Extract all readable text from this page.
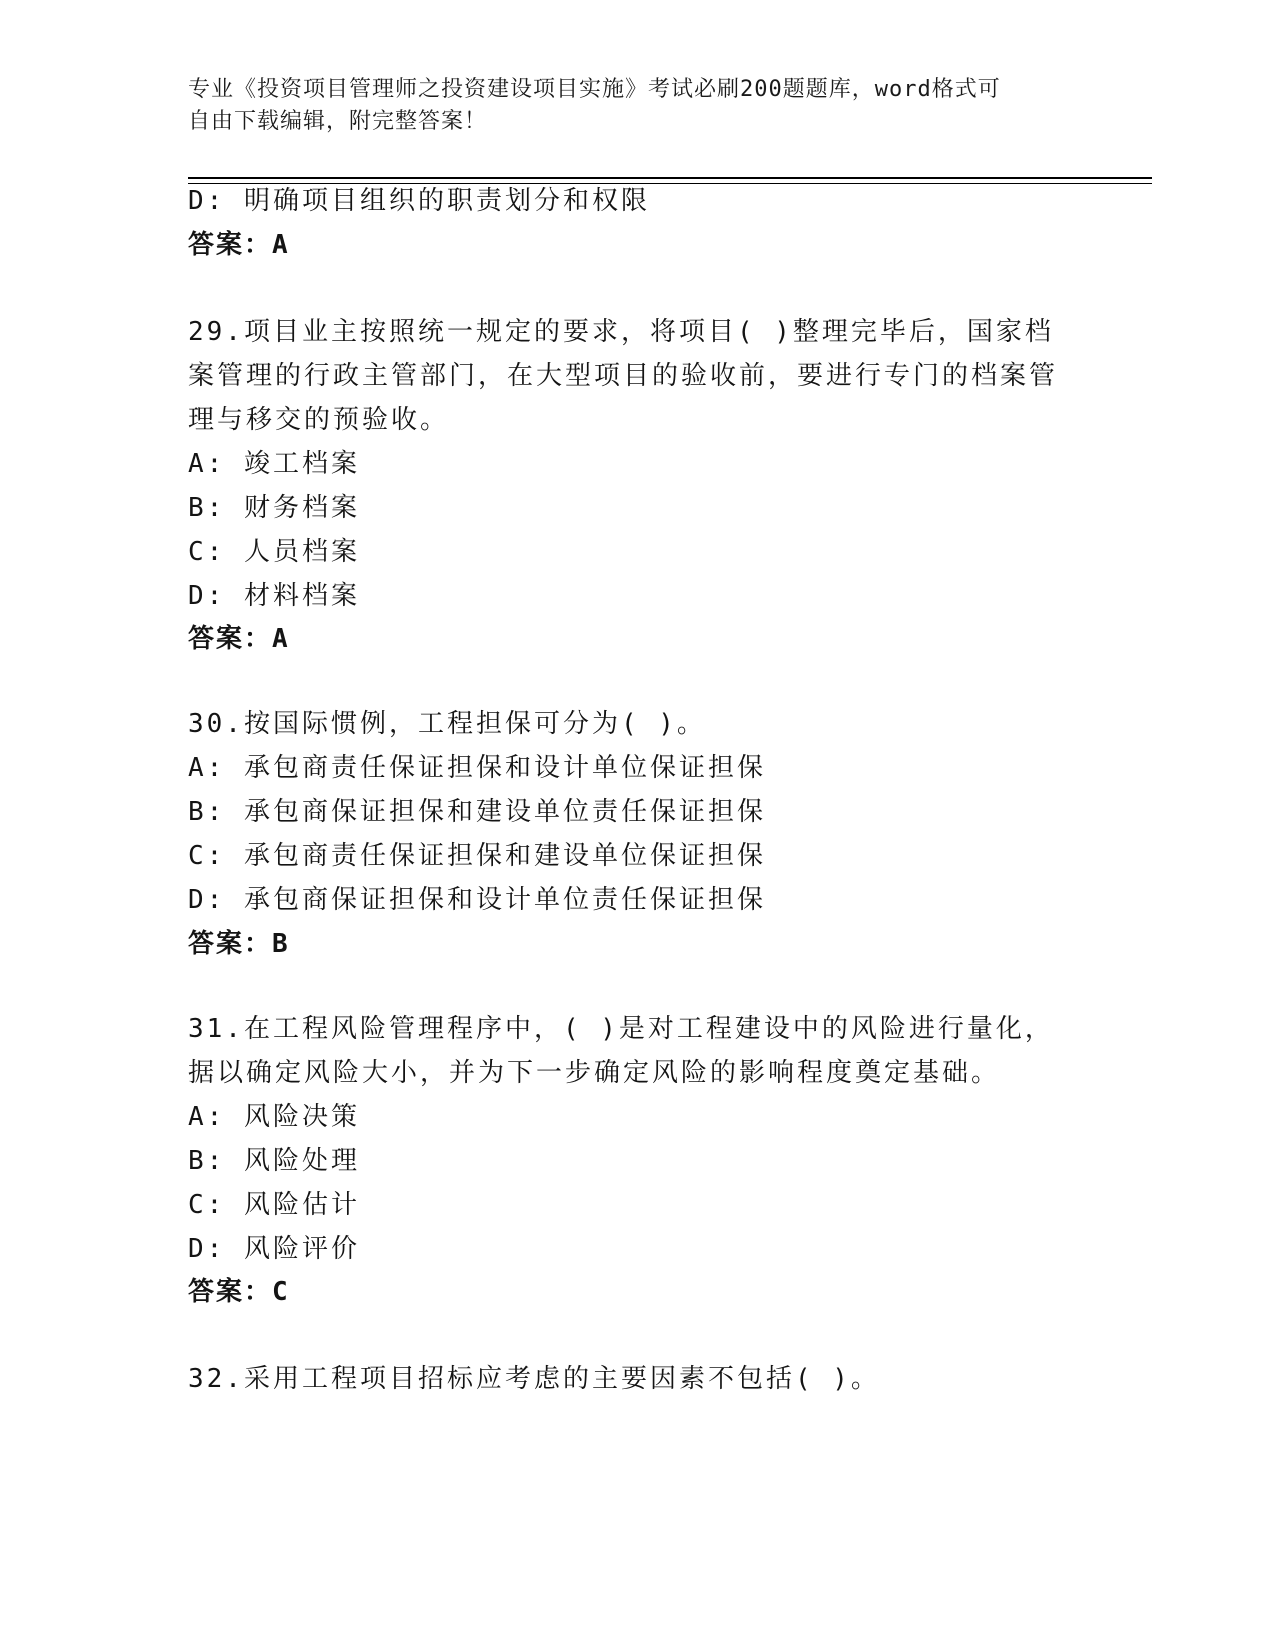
专业《投资项目管理师之投资建设项目实施》考试必刷200题题库，word格式可
自由下载编辑，附完整答案！
D: 明确项目组织的职责划分和权限
答案：A
29.项目业主按照统一规定的要求，将项目( )整理完毕后，国家档
案管理的行政主管部门，在大型项目的验收前，要进行专门的档案管
理与移交的预验收。
A: 竣工档案
B: 财务档案
C: 人员档案
D: 材料档案
答案：A
30.按国际惯例，工程担保可分为( )。
A: 承包商责任保证担保和设计单位保证担保
B: 承包商保证担保和建设单位责任保证担保
C: 承包商责任保证担保和建设单位保证担保
D: 承包商保证担保和设计单位责任保证担保
答案：B
31.在工程风险管理程序中，( )是对工程建设中的风险进行量化，
据以确定风险大小，并为下一步确定风险的影响程度奠定基础。
A: 风险决策
B: 风险处理
C: 风险估计
D: 风险评价
答案：C
32.采用工程项目招标应考虑的主要因素不包括( )。
